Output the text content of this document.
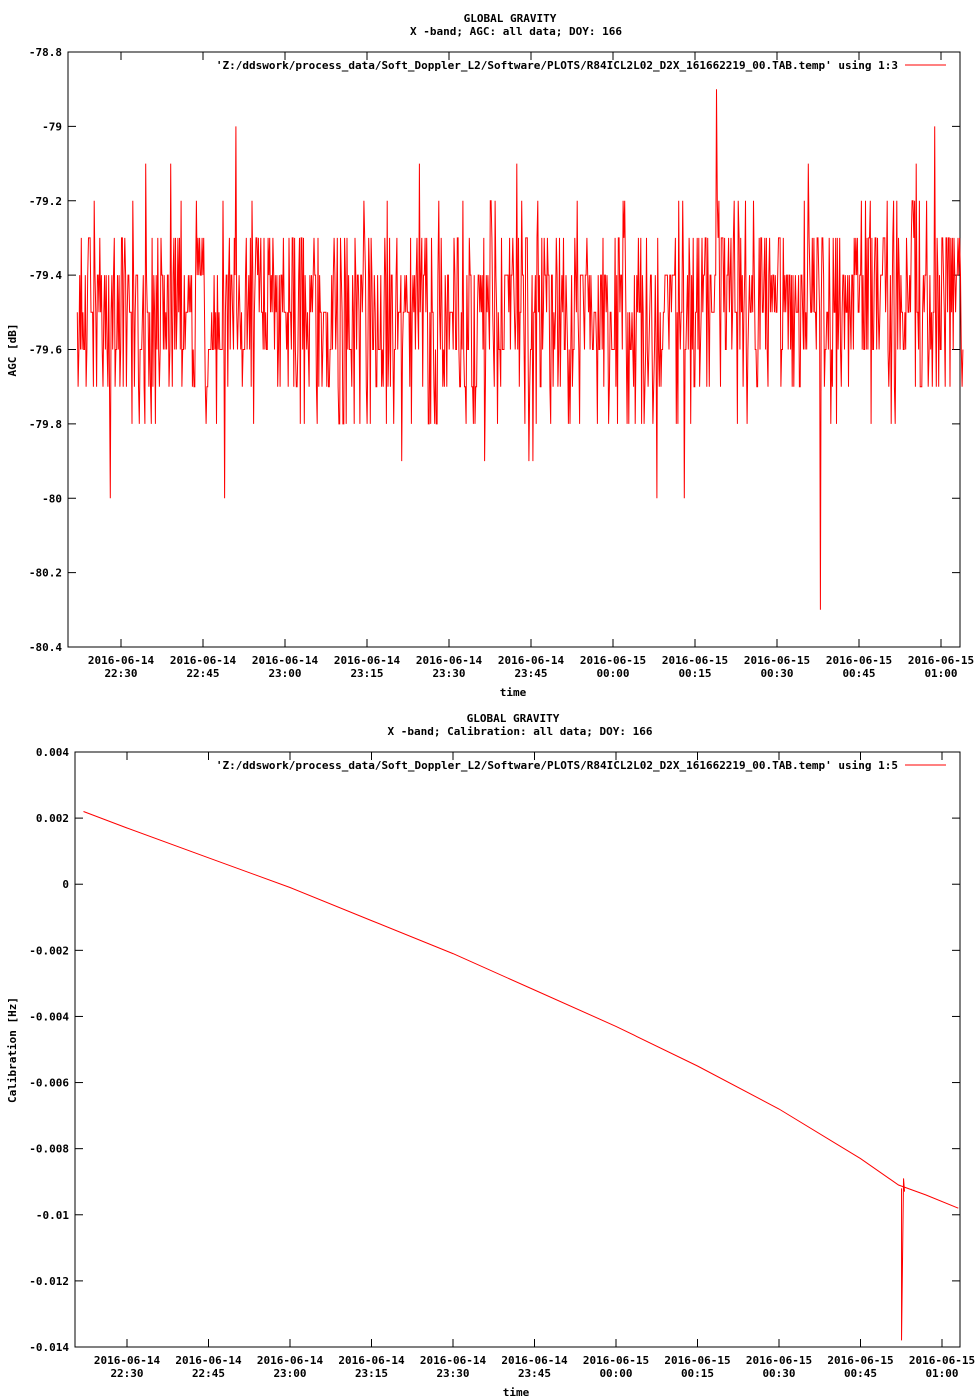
GLOBAL GRAVITY
X -band; AGC: all data; DOY: 166
-78.8
-79
-79.2
-79.4
-79.6
-79.8
-80
-80.2
-80.4
2016-06-14
22:30
2016-06-14
22:45
2016-06-14
23:00
2016-06-14
23:15
2016-06-14
23:30
2016-06-14
23:45
2016-06-15
00:00
2016-06-15
00:15
2016-06-15
00:30
2016-06-15
00:45
2016-06-15
01:00
'Z:/ddswork/process_data/Soft_Doppler_L2/Software/PLOTS/R84ICL2L02_D2X_161662219_00.TAB.temp' using 1:3
time
AGC [dB]
GLOBAL GRAVITY
X -band; Calibration: all data; DOY: 166
0.004
0.002
0
-0.002
-0.004
-0.006
-0.008
-0.01
-0.012
-0.014
2016-06-14
22:30
2016-06-14
22:45
2016-06-14
23:00
2016-06-14
23:15
2016-06-14
23:30
2016-06-14
23:45
2016-06-15
00:00
2016-06-15
00:15
2016-06-15
00:30
2016-06-15
00:45
2016-06-15
01:00
'Z:/ddswork/process_data/Soft_Doppler_L2/Software/PLOTS/R84ICL2L02_D2X_161662219_00.TAB.temp' using 1:5
time
Calibration [Hz]
